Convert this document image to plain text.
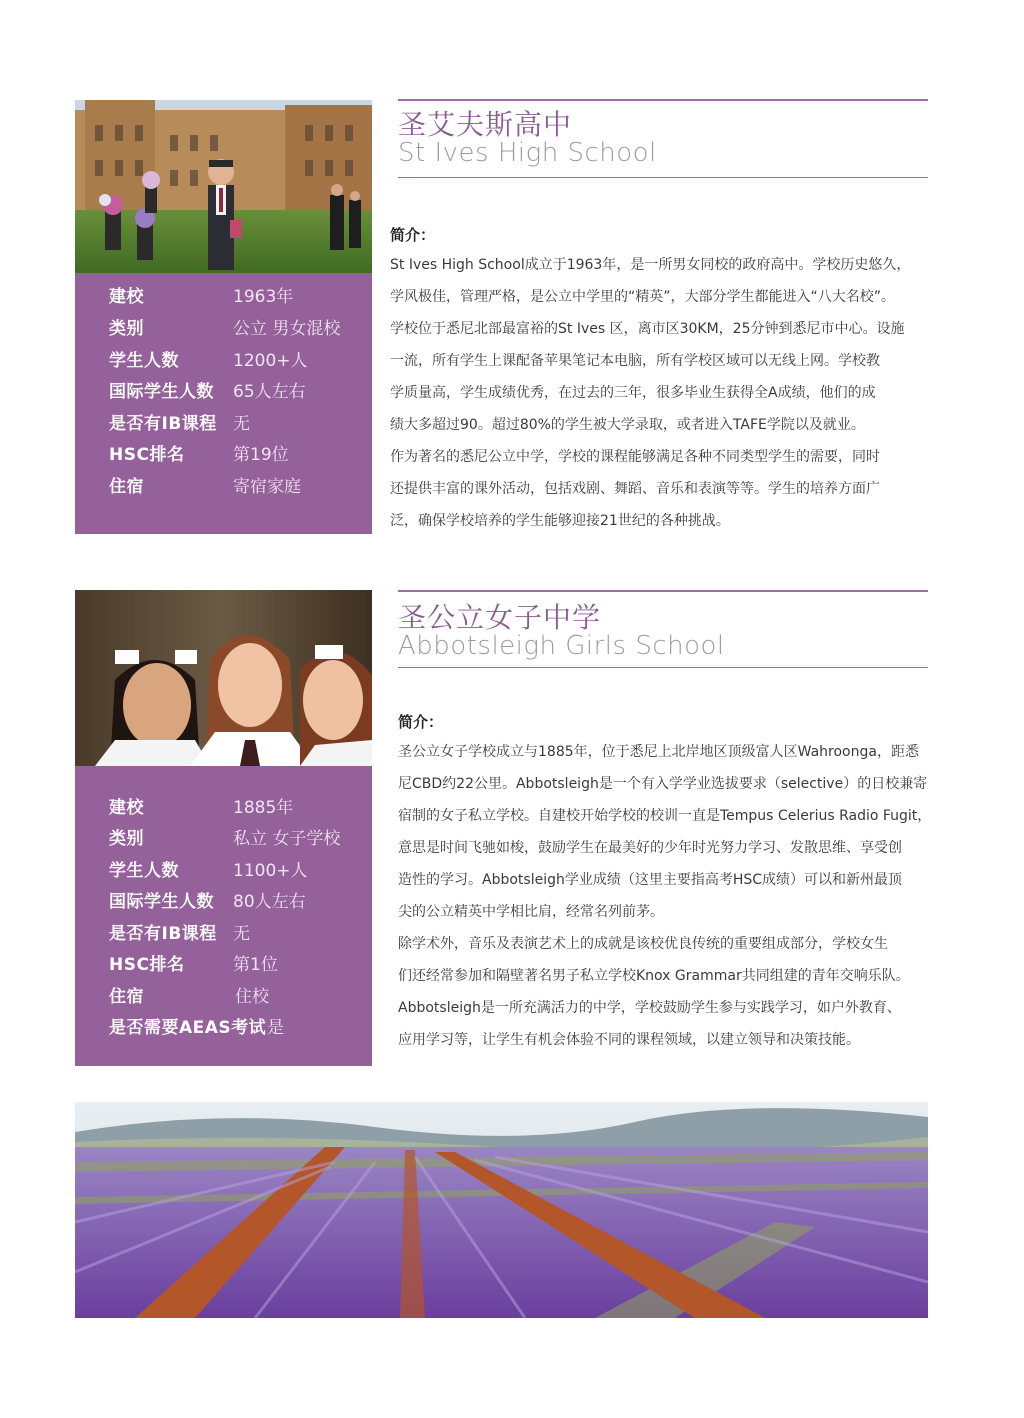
建校	1963年
类别	公立 男女混校
学生人数	1200+人
国际学生人数 65人左右
是否有IB课程 无
HSC排名	第19位
住宿	寄宿家庭
圣艾夫斯高中
St Ives High School
简介：

St Ives High School成立于1963年，是一所男女同校的政府高中。学校历史悠久，

学风极佳，管理严格，是公立中学里的“精英”，大部分学生都能进入“八大名校”。

学校位于悉尼北部最富裕的St Ives 区，离市区30KM，25分钟到悉尼市中心。设施

一流，所有学生上课配备苹果笔记本电脑，所有学校区域可以无线上网。学校教

学质量高，学生成绩优秀，在过去的三年，很多毕业生获得全A成绩，他们的成

绩大多超过90。超过80%的学生被大学录取，或者进入TAFE学院以及就业。

作为著名的悉尼公立中学，学校的课程能够满足各种不同类型学生的需要，同时

还提供丰富的课外活动，包括戏剧、舞蹈、音乐和表演等等。学生的培养方面广

泛，确保学校培养的学生能够迎接21世纪的各种挑战。

建校	1885年
类别	私立 女子学校
学生人数	1100+人
国际学生人数 80人左右
是否有IB课程 无
HSC排名	第1位
住宿	住校
是否需要AEAS考试 是
圣公立女子中学
Abbotsleigh Girls School
简介：

圣公立女子学校成立与1885年，位于悉尼上北岸地区顶级富人区Wahroonga，距悉

尼CBD约22公里。Abbotsleigh是一个有入学学业选拔要求（selective）的日校兼寄

宿制的女子私立学校。自建校开始学校的校训一直是Tempus Celerius Radio Fugit，

意思是时间飞驰如梭，鼓励学生在最美好的少年时光努力学习、发散思维、享受创

造性的学习。Abbotsleigh学业成绩（这里主要指高考HSC成绩）可以和新州最顶

尖的公立精英中学相比肩，经常名列前茅。

除学术外，音乐及表演艺术上的成就是该校优良传统的重要组成部分，学校女生

们还经常参加和隔壁著名男子私立学校Knox Grammar共同组建的青年交响乐队。

Abbotsleigh是一所充满活力的中学，学校鼓励学生参与实践学习，如户外教育、

应用学习等，让学生有机会体验不同的课程领域，以建立领导和决策技能。
